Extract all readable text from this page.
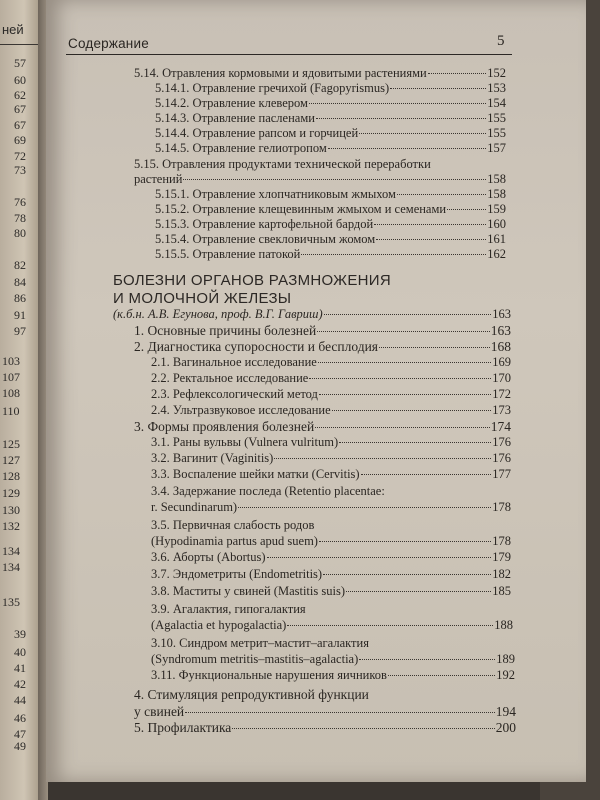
ней
57
60
62
67
67
69
72
73
76
78
80
82
84
86
91
97
103
107
108
110
125
127
128
129
130
132
134
134
135
39
40
41
42
44
46
47
49
Содержание	5
5.14. Отравления кормовыми и ядовитыми растениями	152
5.14.1. Отравление гречихой (Fagopyrismus)	153
5.14.2. Отравление клевером	154
5.14.3. Отравление пасленами	155
5.14.4. Отравление рапсом и горчицей	155
5.14.5. Отравление гелиотропом	157
5.15. Отравления продуктами технической переработки
растений	158
5.15.1. Отравление хлопчатниковым жмыхом	158
5.15.2. Отравление клещевинным жмыхом и семенами	159
5.15.3. Отравление картофельной бардой	160
5.15.4. Отравление свекловичным жомом	161
5.15.5. Отравление патокой	162
БОЛЕЗНИ ОРГАНОВ РАЗМНОЖЕНИЯ
И МОЛОЧНОЙ ЖЕЛЕЗЫ
(к.б.н. А.В. Егунова, проф. В.Г. Гавриш)	163
1. Основные причины болезней	163
2. Диагностика супоросности и бесплодия	168
2.1. Вагинальное исследование	169
2.2. Ректальное исследование	170
2.3. Рефлексологический метод	172
2.4. Ультразвуковое исследование	173
3. Формы проявления болезней	174
3.1. Раны вульвы (Vulnera vulritum)	176
3.2. Вагинит (Vaginitis)	176
3.3. Воспаление шейки матки (Cervitis)	177
3.4. Задержание последа (Retentio placentae:
r. Secundinarum)	178
3.5. Первичная слабость родов
(Hypodinamia partus apud suem)	178
3.6. Аборты (Abortus)	179
3.7. Эндометриты (Endometritis)	182
3.8. Маститы у свиней (Mastitis suis)	185
3.9. Агалактия, гипогалактия
(Agalactia et hypogalactia)	188
3.10. Синдром метрит–мастит–агалактия
(Syndromum metritis–mastitis–agalactia)	189
3.11. Функциональные нарушения яичников	192
4. Стимуляция репродуктивной функции
у свиней	194
5. Профилактика	200
